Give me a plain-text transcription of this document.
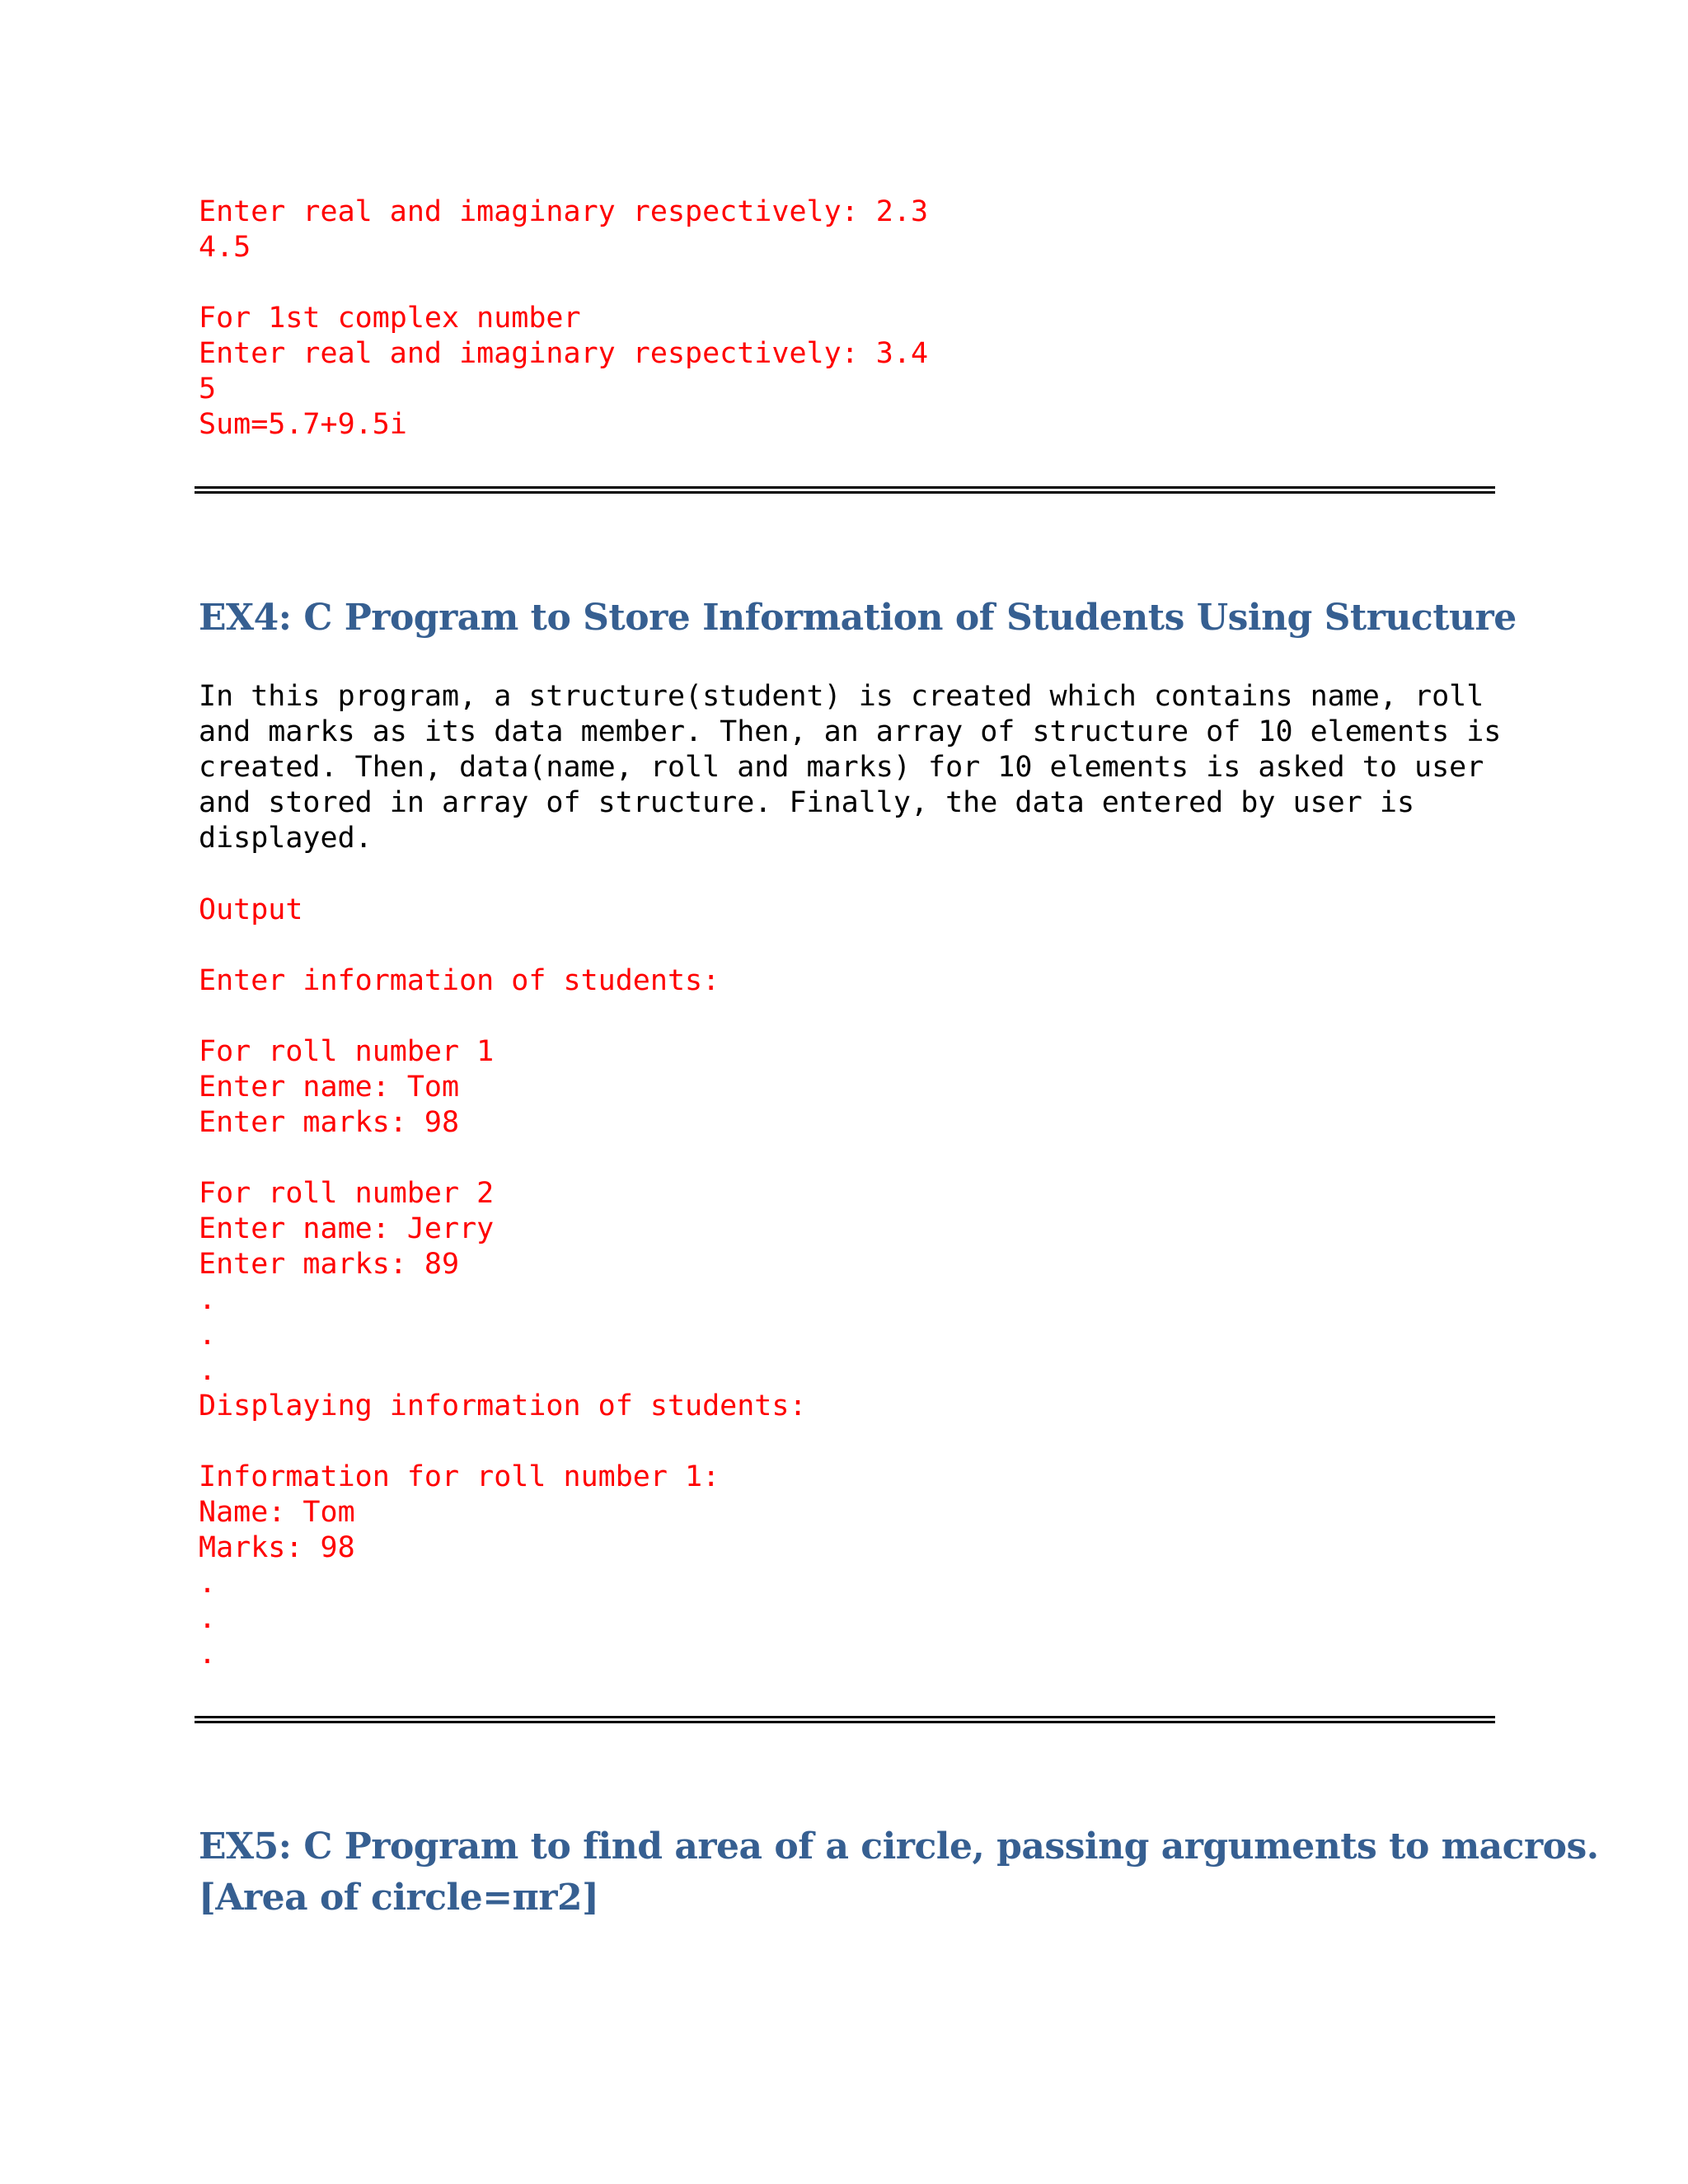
Enter real and imaginary respectively: 2.3
4.5

For 1st complex number
Enter real and imaginary respectively: 3.4
5
Sum=5.7+9.5i
EX4: C Program to Store Information of Students Using Structure
In this program, a structure(student) is created which contains name, roll
and marks as its data member. Then, an array of structure of 10 elements is
created. Then, data(name, roll and marks) for 10 elements is asked to user
and stored in array of structure. Finally, the data entered by user is
displayed.
Output
Enter information of students:

For roll number 1
Enter name: Tom
Enter marks: 98

For roll number 2
Enter name: Jerry
Enter marks: 89
.
.
.
Displaying information of students:

Information for roll number 1:
Name: Tom
Marks: 98
.
.
.
EX5: C Program to find area of a circle, passing arguments to macros.
[Area of circle=πr2]
